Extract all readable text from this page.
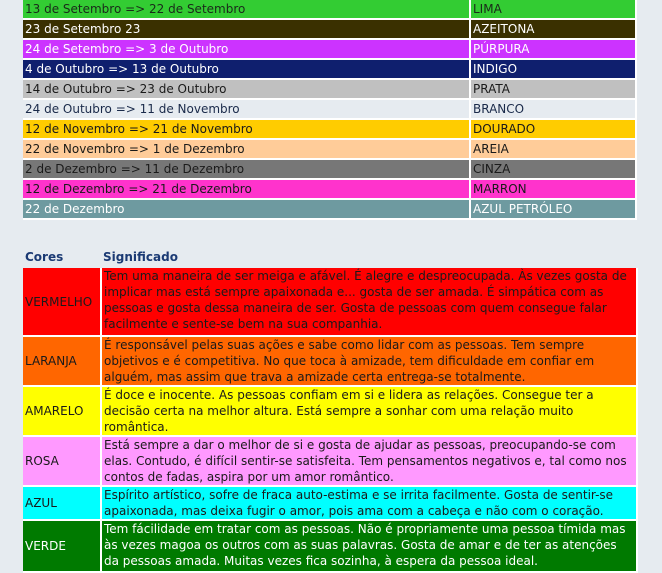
13 de Setembro => 22 de Setembro	LIMA
23 de Setembro 23	AZEITONA
24 de Setembro => 3 de Outubro	PÚRPURA
4 de Outubro => 13 de Outubro	INDIGO
14 de Outubro => 23 de Outubro	PRATA
24 de Outubro => 11 de Novembro	BRANCO
12 de Novembro => 21 de Novembro	DOURADO
22 de Novembro => 1 de Dezembro	AREIA
2 de Dezembro => 11 de Dezembro	CINZA
12 de Dezembro => 21 de Dezembro	MARRON
22 de Dezembro	AZUL PETRÓLEO
Cores	Significado
VERMELHO	Tem uma maneira de ser meiga e afável. É alegre e despreocupada. Às vezes gosta de implicar mas está sempre apaixonada e... gosta de ser amada. É simpática com as pessoas e gosta dessa maneira de ser. Gosta de pessoas com quem consegue falar facilmente e sente-se bem na sua companhia.
LARANJA	É responsável pelas suas ações e sabe como lidar com as pessoas. Tem sempre objetivos e é competitiva. No que toca à amizade, tem dificuldade em confiar em alguém, mas assim que trava a amizade certa entrega-se totalmente.
AMARELO	É doce e inocente. As pessoas confiam em si e lidera as relações. Consegue ter a decisão certa na melhor altura. Está sempre a sonhar com uma relação muito romântica.
ROSA	Está sempre a dar o melhor de si e gosta de ajudar as pessoas, preocupando-se com elas. Contudo, é difícil sentir-se satisfeita. Tem pensamentos negativos e, tal como nos contos de fadas, aspira por um amor romântico.
AZUL	Espírito artístico, sofre de fraca auto-estima e se irrita facilmente. Gosta de sentir-se apaixonada, mas deixa fugir o amor, pois ama com a cabeça e não com o coração.
VERDE	Tem fácilidade em tratar com as pessoas. Não é propriamente uma pessoa tímida mas às vezes magoa os outros com as suas palavras. Gosta de amar e de ter as atenções da pessoas amada. Muitas vezes fica sozinha, à espera da pessoa ideal.
